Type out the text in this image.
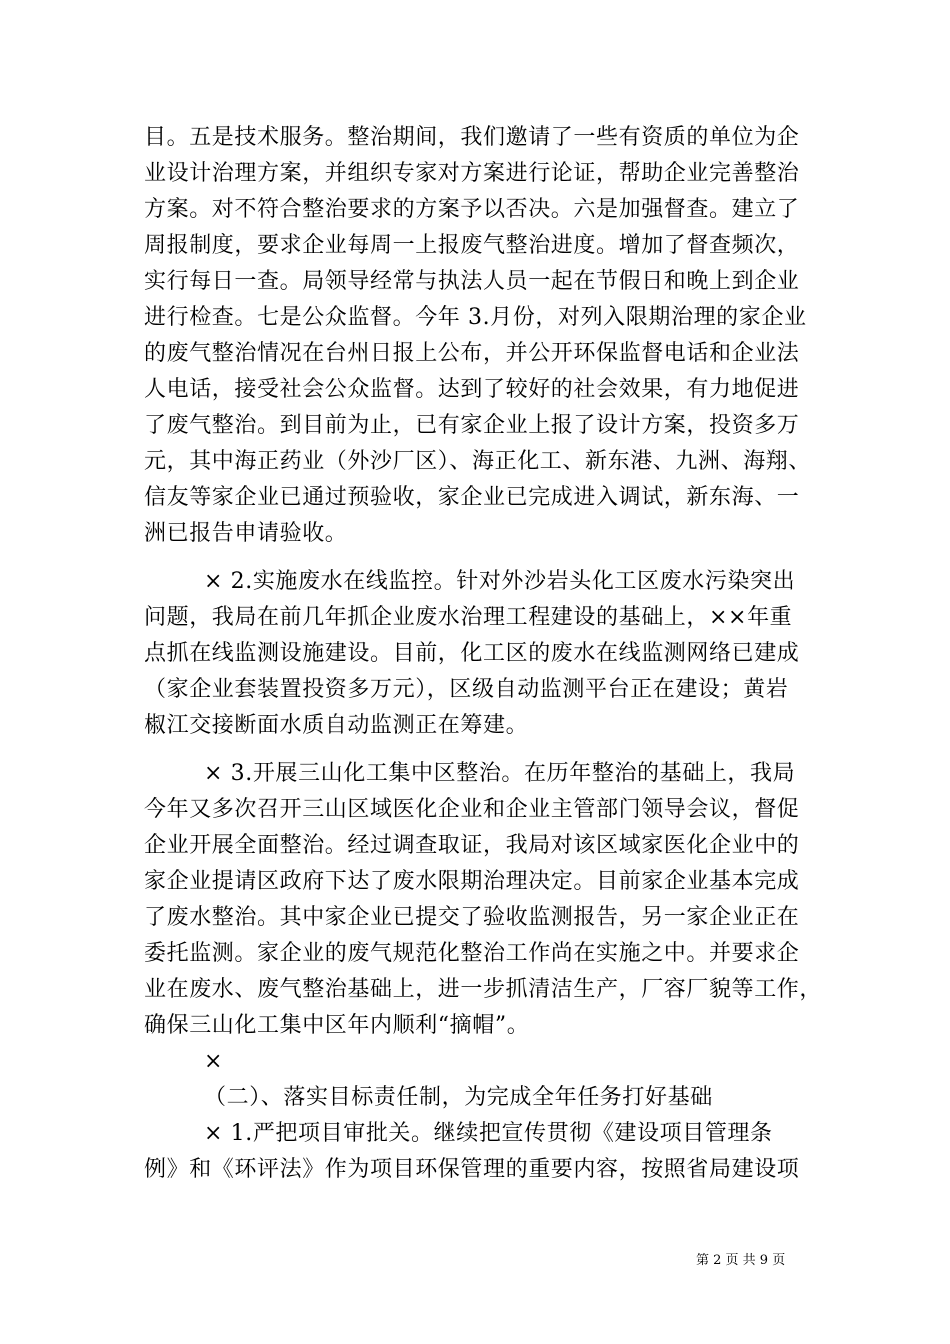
目。五是技术服务。整治期间，我们邀请了一些有资质的单位为企
业设计治理方案，并组织专家对方案进行论证，帮助企业完善整治
方案。对不符合整治要求的方案予以否决。六是加强督查。建立了
周报制度，要求企业每周一上报废气整治进度。增加了督查频次，
实行每日一查。局领导经常与执法人员一起在节假日和晚上到企业
进行检查。七是公众监督。今年 3.月份，对列入限期治理的家企业
的废气整治情况在台州日报上公布，并公开环保监督电话和企业法
人电话，接受社会公众监督。达到了较好的社会效果，有力地促进
了废气整治。到目前为止，已有家企业上报了设计方案，投资多万
元，其中海正药业（外沙厂区）、海正化工、新东港、九洲、海翔、
信友等家企业已通过预验收，家企业已完成进入调试，新东海、一
洲已报告申请验收。
× 2.实施废水在线监控。针对外沙岩头化工区废水污染突出
问题，我局在前几年抓企业废水治理工程建设的基础上，××年重
点抓在线监测设施建设。目前，化工区的废水在线监测网络已建成
（家企业套装置投资多万元），区级自动监测平台正在建设；黄岩
椒江交接断面水质自动监测正在筹建。
× 3.开展三山化工集中区整治。在历年整治的基础上，我局
今年又多次召开三山区域医化企业和企业主管部门领导会议，督促
企业开展全面整治。经过调查取证，我局对该区域家医化企业中的
家企业提请区政府下达了废水限期治理决定。目前家企业基本完成
了废水整治。其中家企业已提交了验收监测报告，另一家企业正在
委托监测。家企业的废气规范化整治工作尚在实施之中。并要求企
业在废水、废气整治基础上，进一步抓清洁生产，厂容厂貌等工作，
确保三山化工集中区年内顺利“摘帽”。
×
（二）、落实目标责任制，为完成全年任务打好基础
× 1.严把项目审批关。继续把宣传贯彻《建设项目管理条
例》和《环评法》作为项目环保管理的重要内容，按照省局建设项
第 2 页 共 9 页
